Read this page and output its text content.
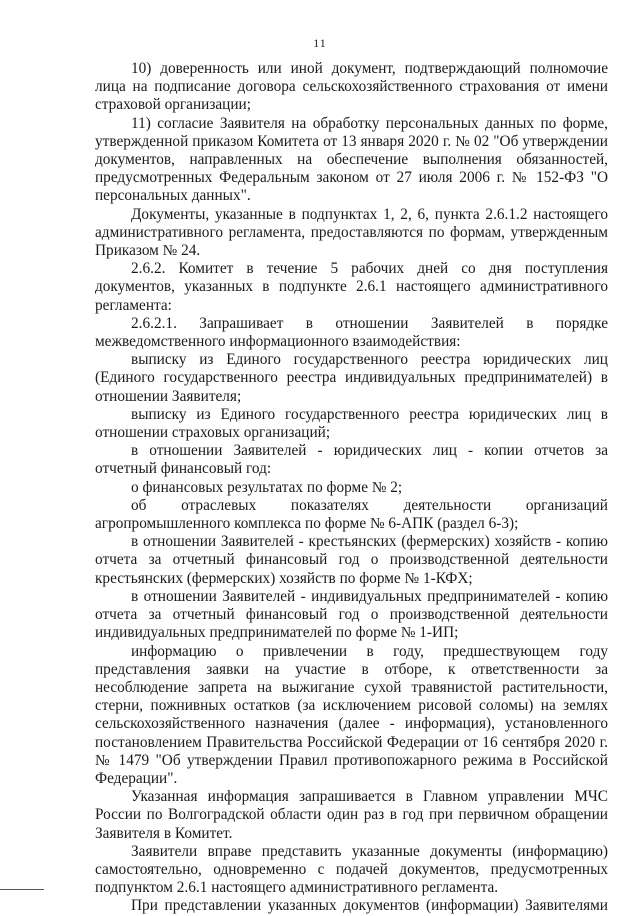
11

10) доверенность или иной документ, подтверждающий полномочие лица на подписание договора сельскохозяйственного страхования от имени страховой организации;

11) согласие Заявителя на обработку персональных данных по форме, утвержденной приказом Комитета от 13 января 2020 г. № 02 "Об утверждении документов, направленных на обеспечение выполнения обязанностей, предусмотренных Федеральным законом от 27 июля 2006 г. № 152-ФЗ "О персональных данных".

Документы, указанные в подпунктах 1, 2, 6, пункта 2.6.1.2 настоящего административного регламента, предоставляются по формам, утвержденным Приказом № 24.

2.6.2. Комитет в течение 5 рабочих дней со дня поступления документов, указанных в подпункте 2.6.1 настоящего административного регламента:

2.6.2.1. Запрашивает в отношении Заявителей в порядке межведомственного информационного взаимодействия:

выписку из Единого государственного реестра юридических лиц (Единого государственного реестра индивидуальных предпринимателей) в отношении Заявителя;

выписку из Единого государственного реестра юридических лиц в отношении страховых организаций;

в отношении Заявителей - юридических лиц - копии отчетов за отчетный финансовый год:

о финансовых результатах по форме № 2;

об отраслевых показателях деятельности организаций агропромышленного комплекса по форме № 6-АПК (раздел 6-3);

в отношении Заявителей - крестьянских (фермерских) хозяйств - копию отчета за отчетный финансовый год о производственной деятельности крестьянских (фермерских) хозяйств по форме № 1-КФХ;

в отношении Заявителей - индивидуальных предпринимателей - копию отчета за отчетный финансовый год о производственной деятельности индивидуальных предпринимателей по форме № 1-ИП;

информацию о привлечении в году, предшествующем году представления заявки на участие в отборе, к ответственности за несоблюдение запрета на выжигание сухой травянистой растительности, стерни, пожнивных остатков (за исключением рисовой соломы) на землях сельскохозяйственного назначения (далее - информация), установленного постановлением Правительства Российской Федерации от 16 сентября 2020 г. № 1479 "Об утверждении Правил противопожарного режима в Российской Федерации".

Указанная информация запрашивается в Главном управлении МЧС России по Волгоградской области один раз в год при первичном обращении Заявителя в Комитет.

Заявители вправе представить указанные документы (информацию) самостоятельно, одновременно с подачей документов, предусмотренных подпунктом 2.6.1 настоящего административного регламента.

При представлении указанных документов (информации) Заявителями
